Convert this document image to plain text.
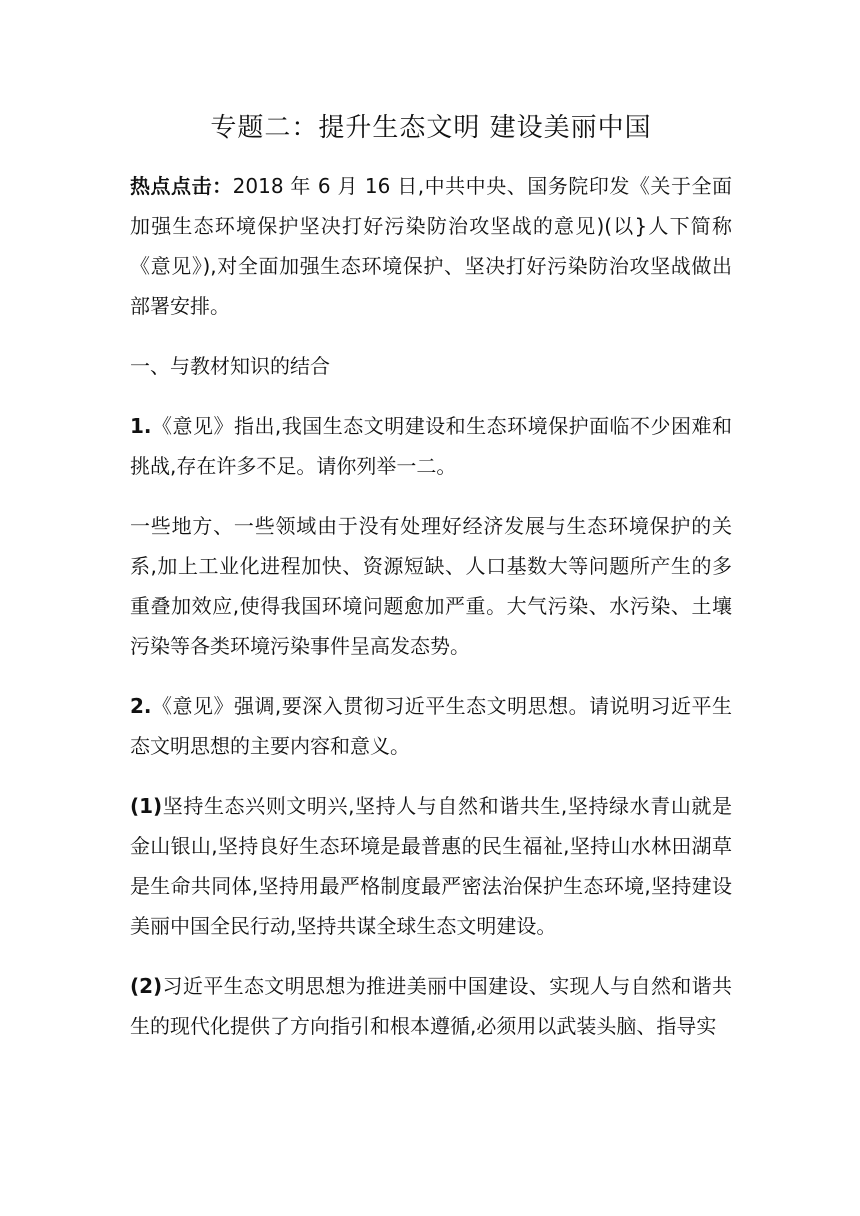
专题二：提升生态文明 建设美丽中国

热点点击：2018 年 6 月 16 日,中共中央、国务院印发《关于全面加强生态环境保护坚决打好污染防治攻坚战的意见)(以}人下简称《意见》),对全面加强生态环境保护、坚决打好污染防治攻坚战做出部署安排。

一、与教材知识的结合

1.《意见》指出,我国生态文明建设和生态环境保护面临不少困难和挑战,存在许多不足。请你列举一二。

一些地方、一些领域由于没有处理好经济发展与生态环境保护的关系,加上工业化进程加快、资源短缺、人口基数大等问题所产生的多重叠加效应,使得我国环境问题愈加严重。大气污染、水污染、土壤污染等各类环境污染事件呈高发态势。

2.《意见》强调,要深入贯彻习近平生态文明思想。请说明习近平生态文明思想的主要内容和意义。

(1)坚持生态兴则文明兴,坚持人与自然和谐共生,坚持绿水青山就是金山银山,坚持良好生态环境是最普惠的民生福祉,坚持山水林田湖草是生命共同体,坚持用最严格制度最严密法治保护生态环境,坚持建设美丽中国全民行动,坚持共谋全球生态文明建设。

(2)习近平生态文明思想为推进美丽中国建设、实现人与自然和谐共生的现代化提供了方向指引和根本遵循,必须用以武装头脑、指导实
